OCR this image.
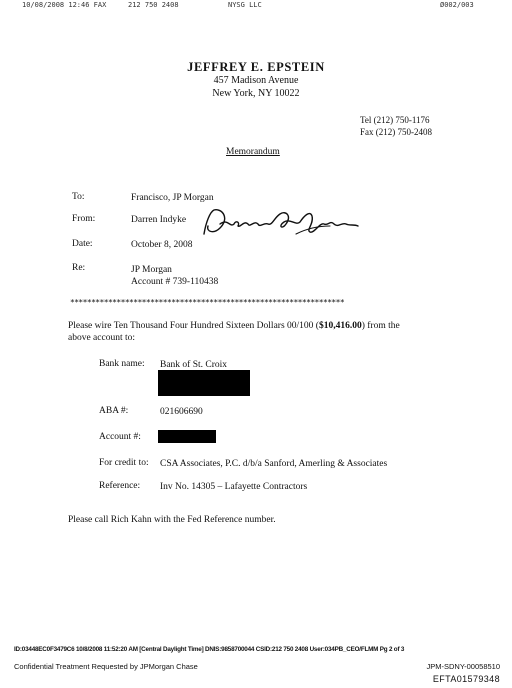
10/08/2008 12:46 FAX	212 750 2408	NYSG LLC	Ø002/003
JEFFREY E. EPSTEIN
457 Madison Avenue
New York, NY 10022
Tel (212) 750-1176
Fax (212) 750-2408
Memorandum
To:	Francisco, JP Morgan
From:	Darren Indyke
Date:	October 8, 2008
Re:	JP Morgan
Account # 739-110438
*****************************************************************
Please wire Ten Thousand Four Hundred Sixteen Dollars 00/100 ($10,416.00) from the
above account to:
Bank name: Bank of St. Croix
ABA #:	021606690
Account #:
For credit to: CSA Associates, P.C. d/b/a Sanford, Amerling & Associates
Reference: Inv No. 14305 – Lafayette Contractors
Please call Rich Kahn with the Fed Reference number.
ID:03448EC0F3479C6 10/8/2008 11:52:20 AM [Central Daylight Time] DNIS:9858700044 CSID:212 750 2408 User:034PB_CEO/FLMM Pg 2 of 3
Confidential Treatment Requested by JPMorgan Chase	JPM-SDNY-00058510
EFTA01579348
